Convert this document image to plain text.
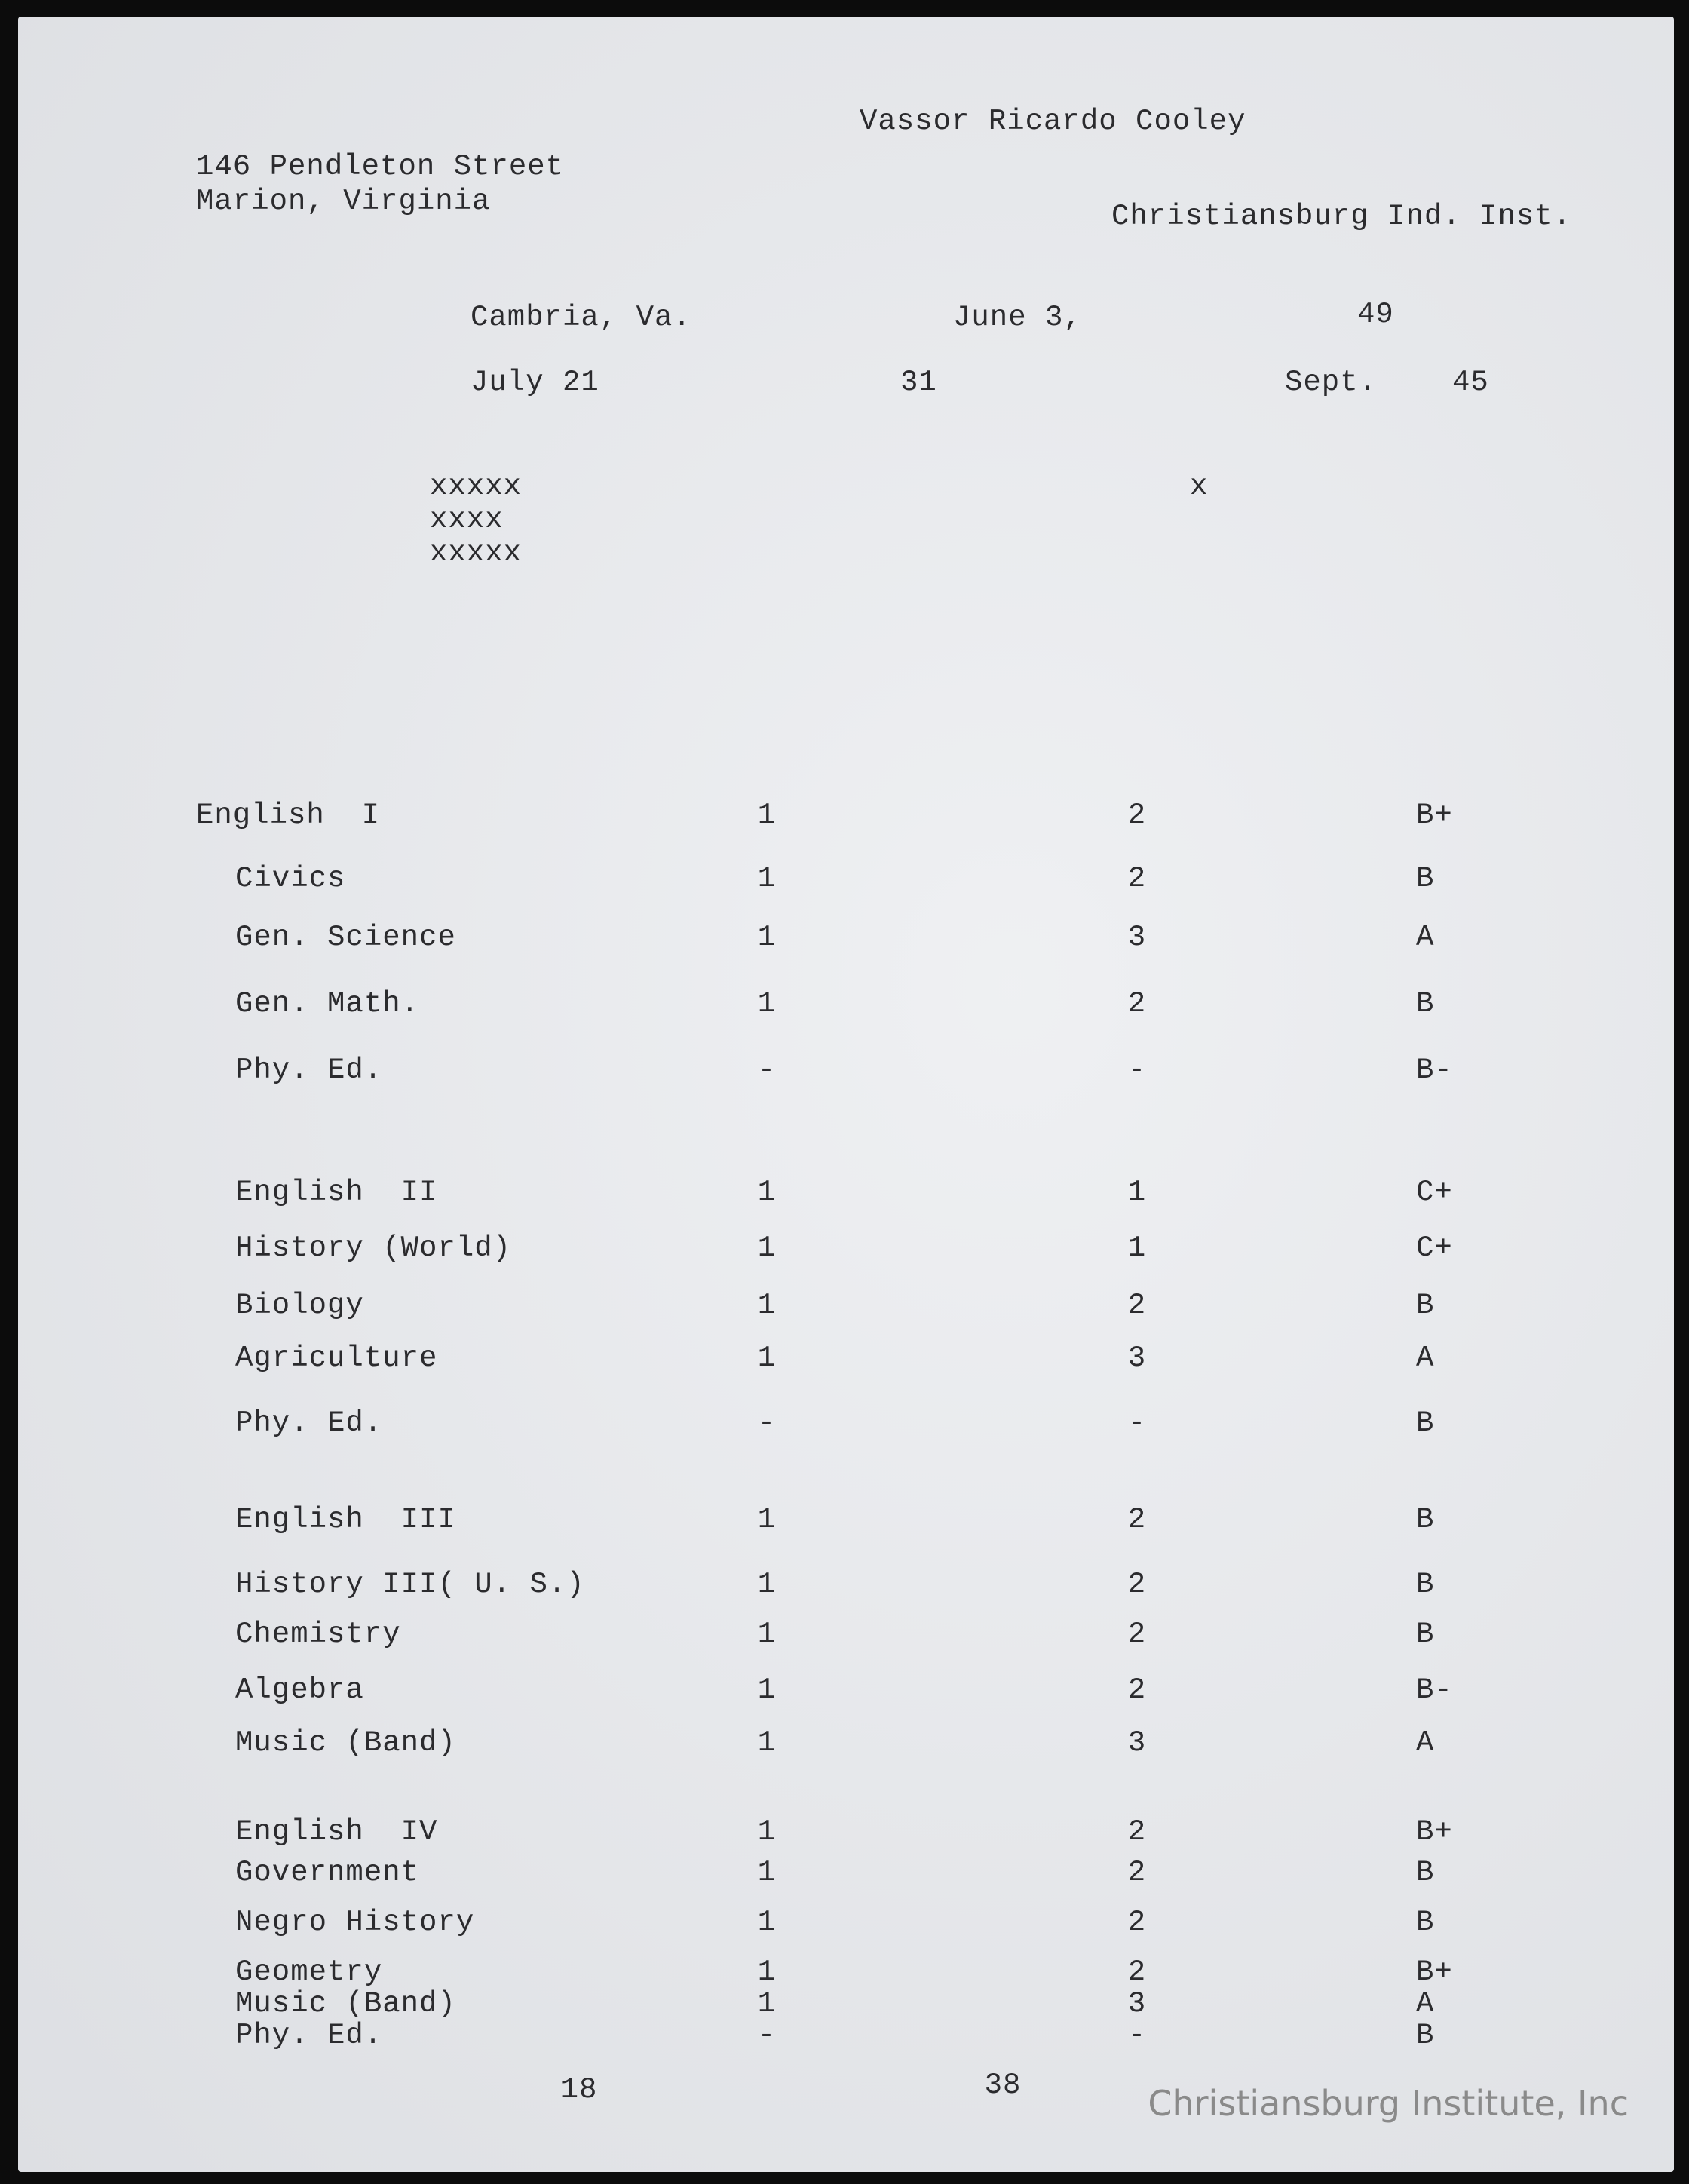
Vassor Ricardo Cooley
146 Pendleton Street
Marion, Virginia	Christiansburg Ind. Inst.
Cambria, Va.	June 3,	49
July 21	31	Sept.	45
xxxxx
xxxx
xxxxx
x
English  I	1	2	B+
Civics	1	2	B
Gen. Science	1	3	A
Gen. Math.	1	2	B
Phy. Ed.	-	-	B-
English  II	1	1	C+
History (World)	1	1	C+
Biology	1	2	B
Agriculture	1	3	A
Phy. Ed.	-	-	B
English  III	1	2	B
History III( U. S.)	1	2	B
Chemistry	1	2	B
Algebra	1	2	B-
Music (Band)	1	3	A
English  IV	1	2	B+
Government	1	2	B
Negro History	1	2	B
Geometry	1	2	B+
Music (Band)	1	3	A
Phy. Ed.	-	-	B
18	38	Christiansburg Institute, Inc
